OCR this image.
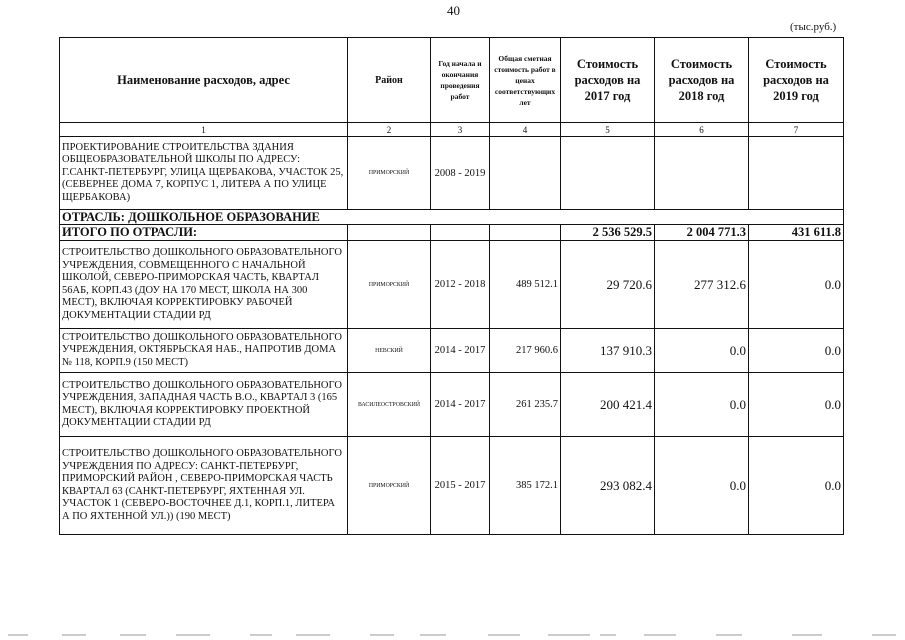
40
(тыс.руб.)
Наименование расходов, адрес	Район	Год начала и окончания проведения работ	Общая сметная стоимость работ в ценах соответствующих лет	Стоимость расходов на 2017 год	Стоимость расходов на 2018 год	Стоимость расходов на 2019 год
1	2	3	4	5	6	7
ПРОЕКТИРОВАНИЕ СТРОИТЕЛЬСТВА ЗДАНИЯ ОБЩЕОБРАЗОВАТЕЛЬНОЙ ШКОЛЫ ПО АДРЕСУ: Г.САНКТ-ПЕТЕРБУРГ, УЛИЦА ЩЕРБАКОВА, УЧАСТОК 25, (СЕВЕРНЕЕ ДОМА 7, КОРПУС 1, ЛИТЕРА А ПО УЛИЦЕ ЩЕРБАКОВА)	ПРИМОРСКИЙ	2008 - 2019				
ОТРАСЛЬ: ДОШКОЛЬНОЕ ОБРАЗОВАНИЕ						
ИТОГО ПО ОТРАСЛИ:				2 536 529.5	2 004 771.3	431 611.8
СТРОИТЕЛЬСТВО ДОШКОЛЬНОГО ОБРАЗОВАТЕЛЬНОГО УЧРЕЖДЕНИЯ, СОВМЕЩЕННОГО С НАЧАЛЬНОЙ ШКОЛОЙ, СЕВЕРО-ПРИМОРСКАЯ ЧАСТЬ, КВАРТАЛ 56АБ, КОРП.43 (ДОУ НА 170 МЕСТ, ШКОЛА НА 300 МЕСТ), ВКЛЮЧАЯ КОРРЕКТИРОВКУ РАБОЧЕЙ ДОКУМЕНТАЦИИ СТАДИИ РД	ПРИМОРСКИЙ	2012 - 2018	489 512.1	29 720.6	277 312.6	0.0
СТРОИТЕЛЬСТВО ДОШКОЛЬНОГО ОБРАЗОВАТЕЛЬНОГО УЧРЕЖДЕНИЯ, ОКТЯБРЬСКАЯ НАБ., НАПРОТИВ ДОМА № 118, КОРП.9 (150 МЕСТ)	НЕВСКИЙ	2014 - 2017	217 960.6	137 910.3	0.0	0.0
СТРОИТЕЛЬСТВО ДОШКОЛЬНОГО ОБРАЗОВАТЕЛЬНОГО УЧРЕЖДЕНИЯ, ЗАПАДНАЯ ЧАСТЬ В.О., КВАРТАЛ 3 (165 МЕСТ), ВКЛЮЧАЯ КОРРЕКТИРОВКУ ПРОЕКТНОЙ ДОКУМЕНТАЦИИ СТАДИИ РД	ВАСИЛЕОСТРОВСКИЙ	2014 - 2017	261 235.7	200 421.4	0.0	0.0
СТРОИТЕЛЬСТВО ДОШКОЛЬНОГО ОБРАЗОВАТЕЛЬНОГО УЧРЕЖДЕНИЯ ПО АДРЕСУ: САНКТ-ПЕТЕРБУРГ, ПРИМОРСКИЙ РАЙОН , СЕВЕРО-ПРИМОРСКАЯ ЧАСТЬ КВАРТАЛ 63 (САНКТ-ПЕТЕРБУРГ, ЯХТЕННАЯ УЛ. УЧАСТОК 1 (СЕВЕРО-ВОСТОЧНЕЕ Д.1, КОРП.1, ЛИТЕРА А ПО ЯХТЕННОЙ УЛ.)) (190 МЕСТ)	ПРИМОРСКИЙ	2015 - 2017	385 172.1	293 082.4	0.0	0.0
